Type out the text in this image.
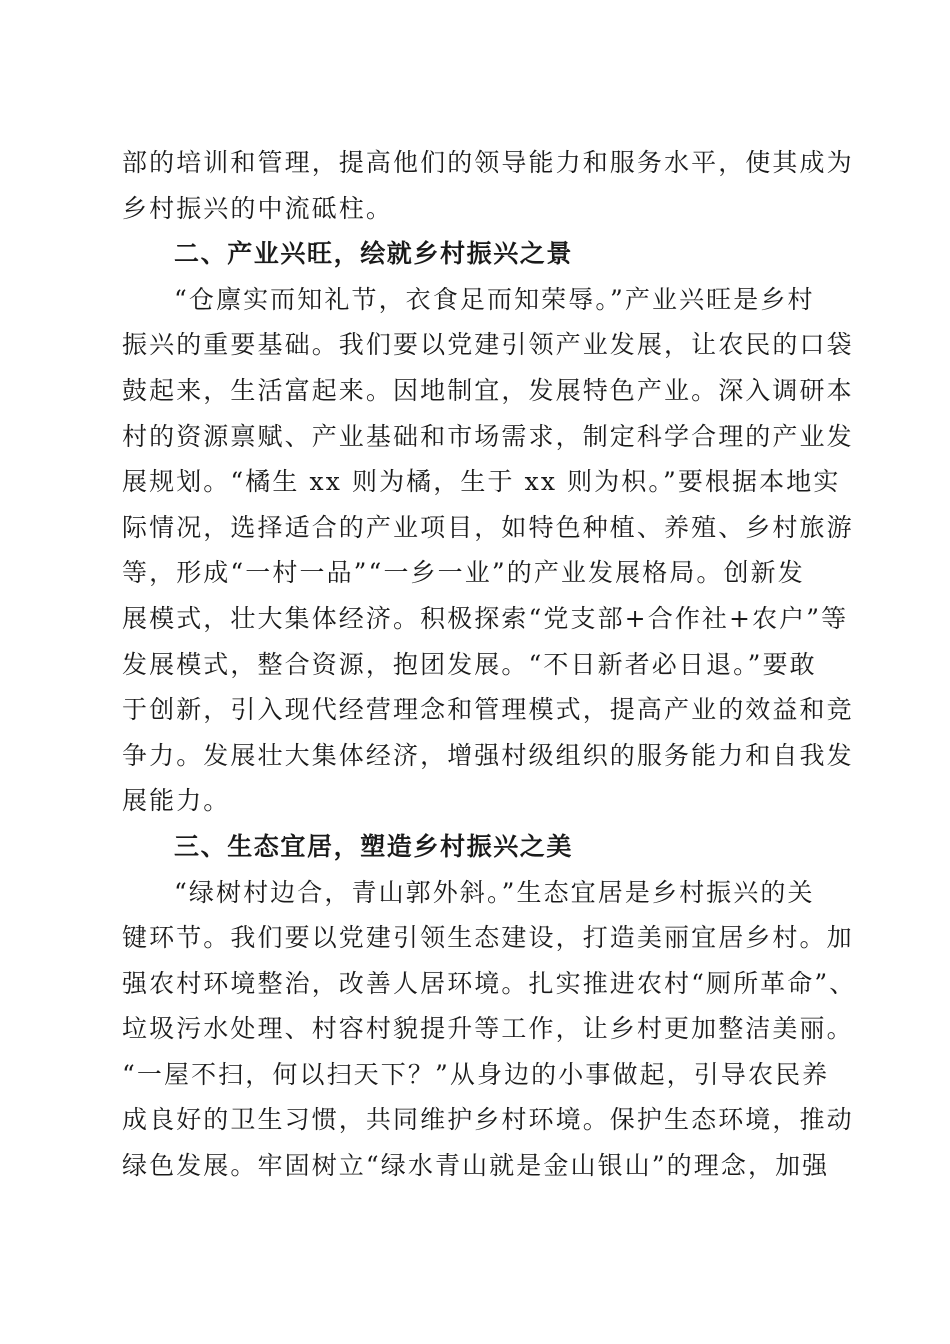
部的培训和管理，提高他们的领导能力和服务水平，使其成为
乡村振兴的中流砥柱。
二、产业兴旺，绘就乡村振兴之景
“仓廪实而知礼节，衣食足而知荣辱。”产业兴旺是乡村
振兴的重要基础。我们要以党建引领产业发展，让农民的口袋
鼓起来，生活富起来。因地制宜，发展特色产业。深入调研本
村的资源禀赋、产业基础和市场需求，制定科学合理的产业发
展规划。“橘生 xx 则为橘，生于 xx 则为枳。”要根据本地实
际情况，选择适合的产业项目，如特色种植、养殖、乡村旅游
等，形成“一村一品”“一乡一业”的产业发展格局。创新发
展模式，壮大集体经济。积极探索“党支部+合作社+农户”等
发展模式，整合资源，抱团发展。“不日新者必日退。”要敢
于创新，引入现代经营理念和管理模式，提高产业的效益和竞
争力。发展壮大集体经济，增强村级组织的服务能力和自我发
展能力。
三、生态宜居，塑造乡村振兴之美
“绿树村边合，青山郭外斜。”生态宜居是乡村振兴的关
键环节。我们要以党建引领生态建设，打造美丽宜居乡村。加
强农村环境整治，改善人居环境。扎实推进农村“厕所革命”、
垃圾污水处理、村容村貌提升等工作，让乡村更加整洁美丽。
“一屋不扫，何以扫天下？”从身边的小事做起，引导农民养
成良好的卫生习惯，共同维护乡村环境。保护生态环境，推动
绿色发展。牢固树立“绿水青山就是金山银山”的理念，加强
